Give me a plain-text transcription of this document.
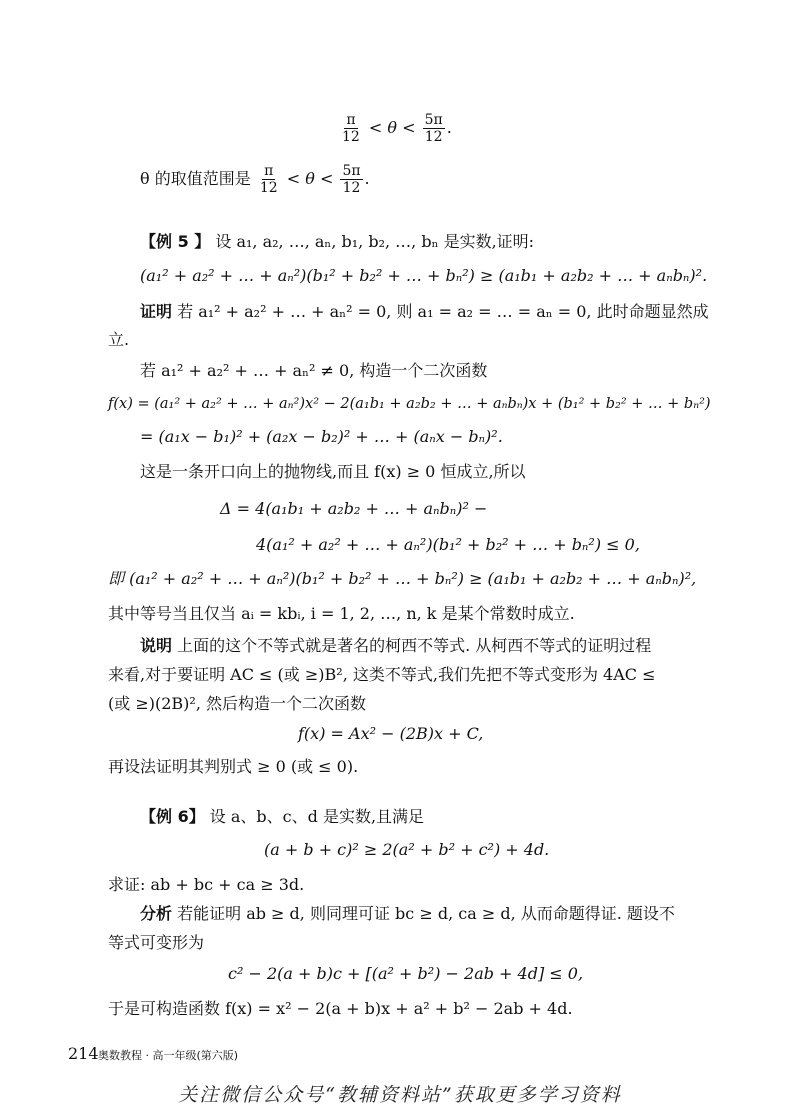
$\frac{\pi}{12} < \theta < \frac{5\pi}{12}$ .
θ 的取值范围是 $\frac{\pi}{12} < \theta < \frac{5\pi}{12}$ .
【例 5 】 设 a₁, a₂, …, aₙ, b₁, b₂, …, bₙ 是实数,证明:
(a₁² + a₂² + … + aₙ²)(b₁² + b₂² + … + bₙ²) ≥ (a₁b₁ + a₂b₂ + … + aₙbₙ)².
证明 若 a₁² + a₂² + … + aₙ² = 0, 则 a₁ = a₂ = … = aₙ = 0, 此时命题显然成
立.
若 a₁² + a₂² + … + aₙ² ≠ 0, 构造一个二次函数
f(x) = (a₁² + a₂² + … + aₙ²)x² − 2(a₁b₁ + a₂b₂ + … + aₙbₙ)x + (b₁² + b₂² + … + bₙ²)
= (a₁x − b₁)² + (a₂x − b₂)² + … + (aₙx − bₙ)².
这是一条开口向上的抛物线,而且 f(x) ≥ 0 恒成立,所以
Δ = 4(a₁b₁ + a₂b₂ + … + aₙbₙ)² −
4(a₁² + a₂² + … + aₙ²)(b₁² + b₂² + … + bₙ²) ≤ 0,
即 (a₁² + a₂² + … + aₙ²)(b₁² + b₂² + … + bₙ²) ≥ (a₁b₁ + a₂b₂ + … + aₙbₙ)²,
其中等号当且仅当 aᵢ = kbᵢ, i = 1, 2, …, n, k 是某个常数时成立.
说明 上面的这个不等式就是著名的柯西不等式. 从柯西不等式的证明过程
来看,对于要证明 AC ≤ (或 ≥)B², 这类不等式,我们先把不等式变形为 4AC ≤
(或 ≥)(2B)², 然后构造一个二次函数
f(x) = Ax² − (2B)x + C,
再设法证明其判别式 ≥ 0 (或 ≤ 0).
【例 6】 设 a、b、c、d 是实数,且满足
(a + b + c)² ≥ 2(a² + b² + c²) + 4d.
求证: ab + bc + ca ≥ 3d.
分析 若能证明 ab ≥ d, 则同理可证 bc ≥ d, ca ≥ d, 从而命题得证. 题设不
等式可变形为
c² − 2(a + b)c + [(a² + b²) − 2ab + 4d] ≤ 0,
于是可构造函数 f(x) = x² − 2(a + b)x + a² + b² − 2ab + 4d.
214 奥数教程 · 高一年级(第六版)
关注微信公众号“教辅资料站”获取更多学习资料
